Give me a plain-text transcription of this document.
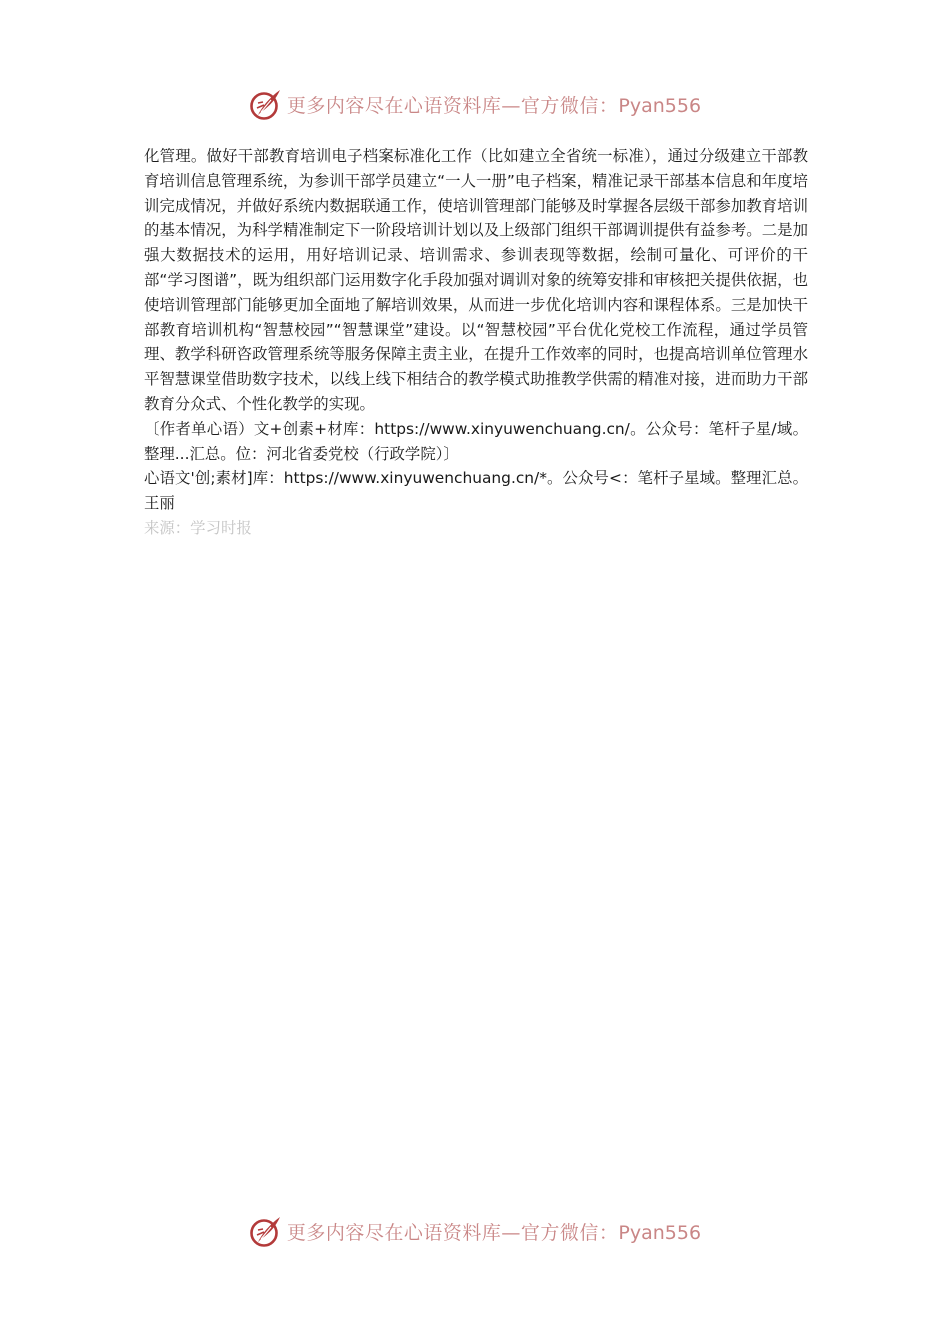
更多内容尽在心语资料库—官方微信：Pyan556

化管理。做好干部教育培训电子档案标准化工作（比如建立全省统一标准），通过分级建立干部教育培训信息管理系统，为参训干部学员建立“一人一册”电子档案，精准记录干部基本信息和年度培训完成情况，并做好系统内数据联通工作，使培训管理部门能够及时掌握各层级干部参加教育培训的基本情况，为科学精准制定下一阶段培训计划以及上级部门组织干部调训提供有益参考。二是加强大数据技术的运用，用好培训记录、培训需求、参训表现等数据，绘制可量化、可评价的干部“学习图谱”，既为组织部门运用数字化手段加强对调训对象的统筹安排和审核把关提供依据，也使培训管理部门能够更加全面地了解培训效果，从而进一步优化培训内容和课程体系。三是加快干部教育培训机构“智慧校园”“智慧课堂”建设。以“智慧校园”平台优化党校工作流程，通过学员管理、教学科研咨政管理系统等服务保障主责主业，在提升工作效率的同时，也提高培训单位管理水平智慧课堂借助数字技术，以线上线下相结合的教学模式助推教学供需的精准对接，进而助力干部教育分众式、个性化教学的实现。

〔作者单心语）文+创素+材库：https://www.xinyuwenchuang.cn/。公众号：笔杆子星/域。整理...汇总。位：河北省委党校（行政学院）〕

心语文'创;素材]库：https://www.xinyuwenchuang.cn/*。公众号<：笔杆子星域。整理汇总。王丽

来源：学习时报

更多内容尽在心语资料库—官方微信：Pyan556
